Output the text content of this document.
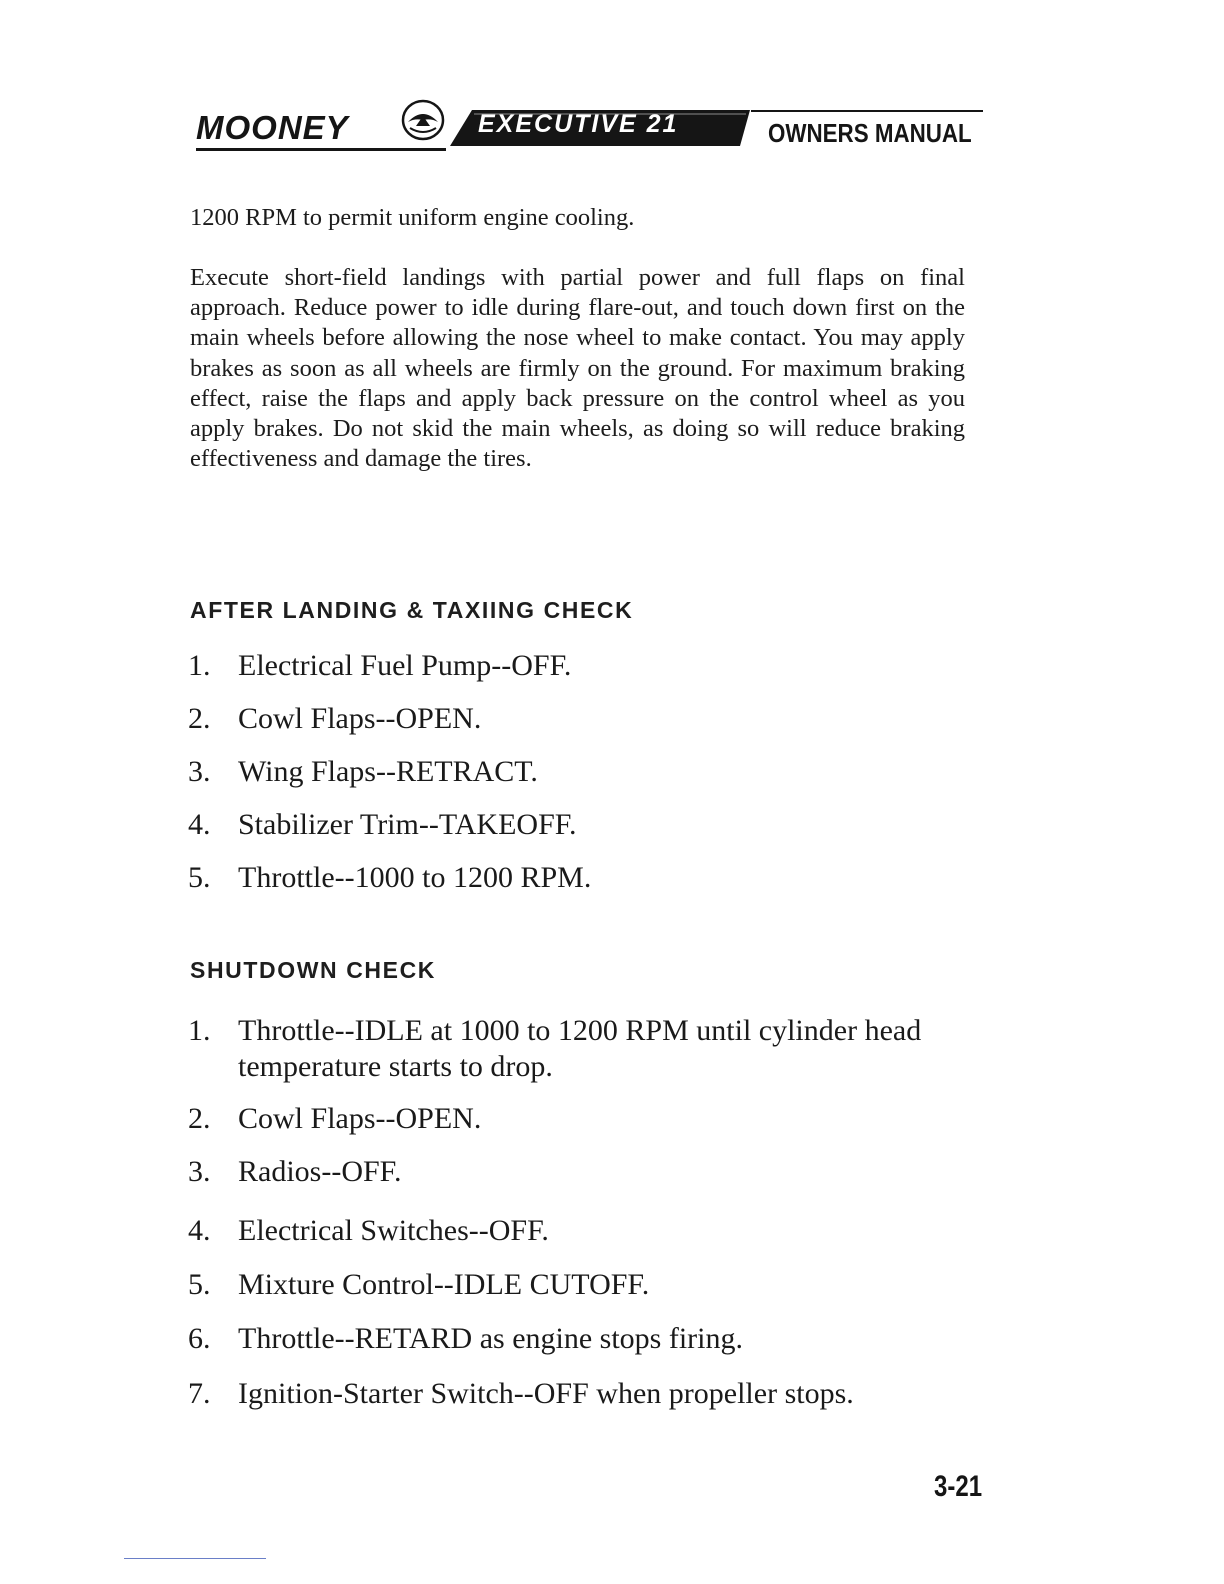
MOONEY	EXECUTIVE 21	OWNERS MANUAL
1200 RPM to permit uniform engine cooling.
Execute short-field landings with partial power and full flaps on final approach. Reduce power to idle during flare-out, and touch down first on the main wheels before allowing the nose wheel to make contact. You may apply brakes as soon as all wheels are firmly on the ground. For maximum braking effect, raise the flaps and apply back pressure on the control wheel as you apply brakes. Do not skid the main wheels, as doing so will reduce braking effectiveness and damage the tires.
AFTER LANDING & TAXIING CHECK
1. Electrical Fuel Pump--OFF.
2. Cowl Flaps--OPEN.
3. Wing Flaps--RETRACT.
4. Stabilizer Trim--TAKEOFF.
5. Throttle--1000 to 1200 RPM.
SHUTDOWN CHECK
1. Throttle--IDLE at 1000 to 1200 RPM until cylinder head temperature starts to drop.
2. Cowl Flaps--OPEN.
3. Radios--OFF.
4. Electrical Switches--OFF.
5. Mixture Control--IDLE CUTOFF.
6. Throttle--RETARD as engine stops firing.
7. Ignition-Starter Switch--OFF when propeller stops.
3-21
